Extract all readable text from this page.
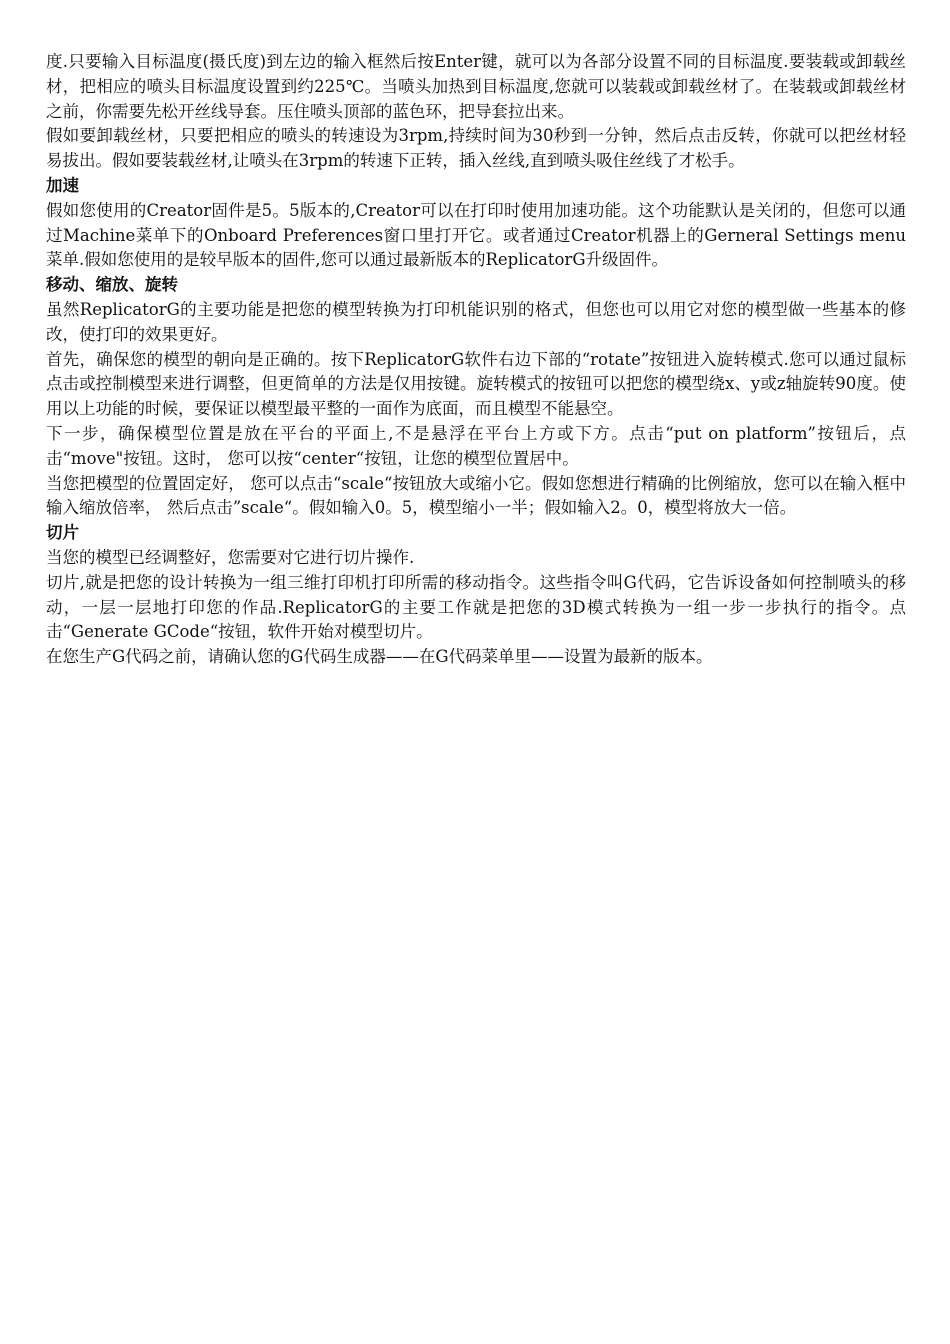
度.只要输入目标温度(摄氏度)到左边的输入框然后按Enter键，就可以为各部分设置不同的目标温度.要装载或卸载丝材，把相应的喷头目标温度设置到约225℃。当喷头加热到目标温度,您就可以装载或卸载丝材了。在装载或卸载丝材之前，你需要先松开丝线导套。压住喷头顶部的蓝色环，把导套拉出来。

假如要卸载丝材，只要把相应的喷头的转速设为3rpm,持续时间为30秒到一分钟，然后点击反转，你就可以把丝材轻易拔出。假如要装载丝材,让喷头在3rpm的转速下正转，插入丝线,直到喷头吸住丝线了才松手。

加速

假如您使用的Creator固件是5。5版本的,Creator可以在打印时使用加速功能。这个功能默认是关闭的，但您可以通过Machine菜单下的Onboard Preferences窗口里打开它。或者通过Creator机器上的Gerneral Settings menu菜单.假如您使用的是较早版本的固件,您可以通过最新版本的ReplicatorG升级固件。

移动、缩放、旋转

虽然ReplicatorG的主要功能是把您的模型转换为打印机能识别的格式，但您也可以用它对您的模型做一些基本的修改，使打印的效果更好。

首先，确保您的模型的朝向是正确的。按下ReplicatorG软件右边下部的“rotate”按钮进入旋转模式.您可以通过鼠标点击或控制模型来进行调整，但更简单的方法是仅用按键。旋转模式的按钮可以把您的模型绕x、y或z轴旋转90度。使用以上功能的时候，要保证以模型最平整的一面作为底面，而且模型不能悬空。

下一步，确保模型位置是放在平台的平面上,不是悬浮在平台上方或下方。点击“put on platform”按钮后，点击“move"按钮。这时， 您可以按“center“按钮，让您的模型位置居中。

当您把模型的位置固定好， 您可以点击“scale“按钮放大或缩小它。假如您想进行精确的比例缩放，您可以在输入框中输入缩放倍率， 然后点击”scale“。假如输入0。5，模型缩小一半；假如输入2。0，模型将放大一倍。

切片

当您的模型已经调整好，您需要对它进行切片操作.

切片,就是把您的设计转换为一组三维打印机打印所需的移动指令。这些指令叫G代码，它告诉设备如何控制喷头的移动，一层一层地打印您的作品.ReplicatorG的主要工作就是把您的3D模式转换为一组一步一步执行的指令。点击“Generate GCode“按钮，软件开始对模型切片。

在您生产G代码之前，请确认您的G代码生成器——在G代码菜单里——设置为最新的版本。
